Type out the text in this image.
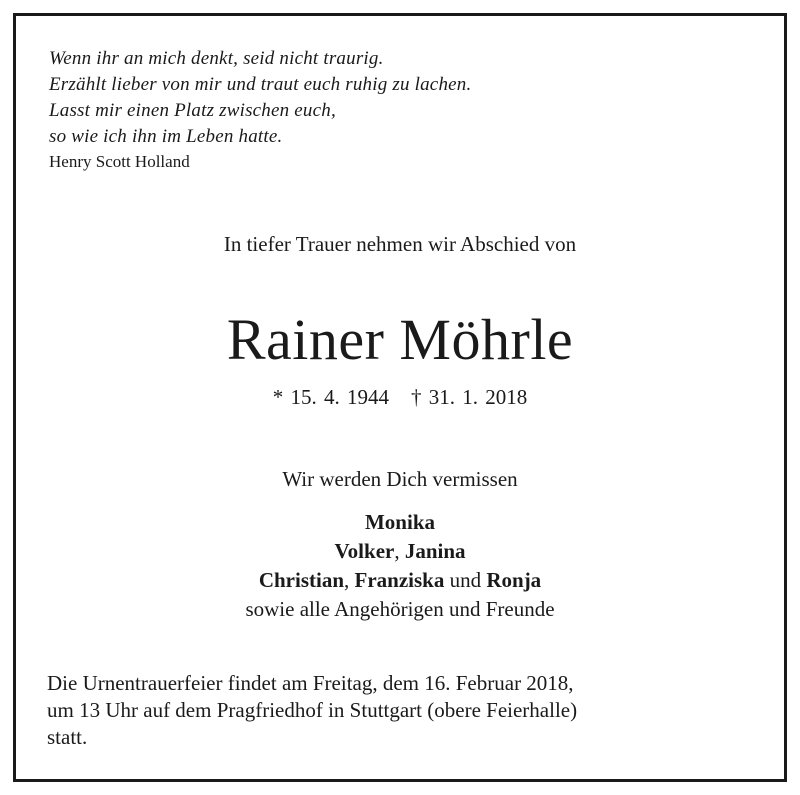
Wenn ihr an mich denkt, seid nicht traurig.
Erzählt lieber von mir und traut euch ruhig zu lachen.
Lasst mir einen Platz zwischen euch,
so wie ich ihn im Leben hatte.
Henry Scott Holland
In tiefer Trauer nehmen wir Abschied von
Rainer Möhrle
* 15. 4. 1944 † 31. 1. 2018
Wir werden Dich vermissen
Monika
Volker, Janina
Christian, Franziska und Ronja
sowie alle Angehörigen und Freunde
Die Urnentrauerfeier findet am Freitag, dem 16. Februar 2018,
um 13 Uhr auf dem Pragfriedhof in Stuttgart (obere Feierhalle)
statt.
